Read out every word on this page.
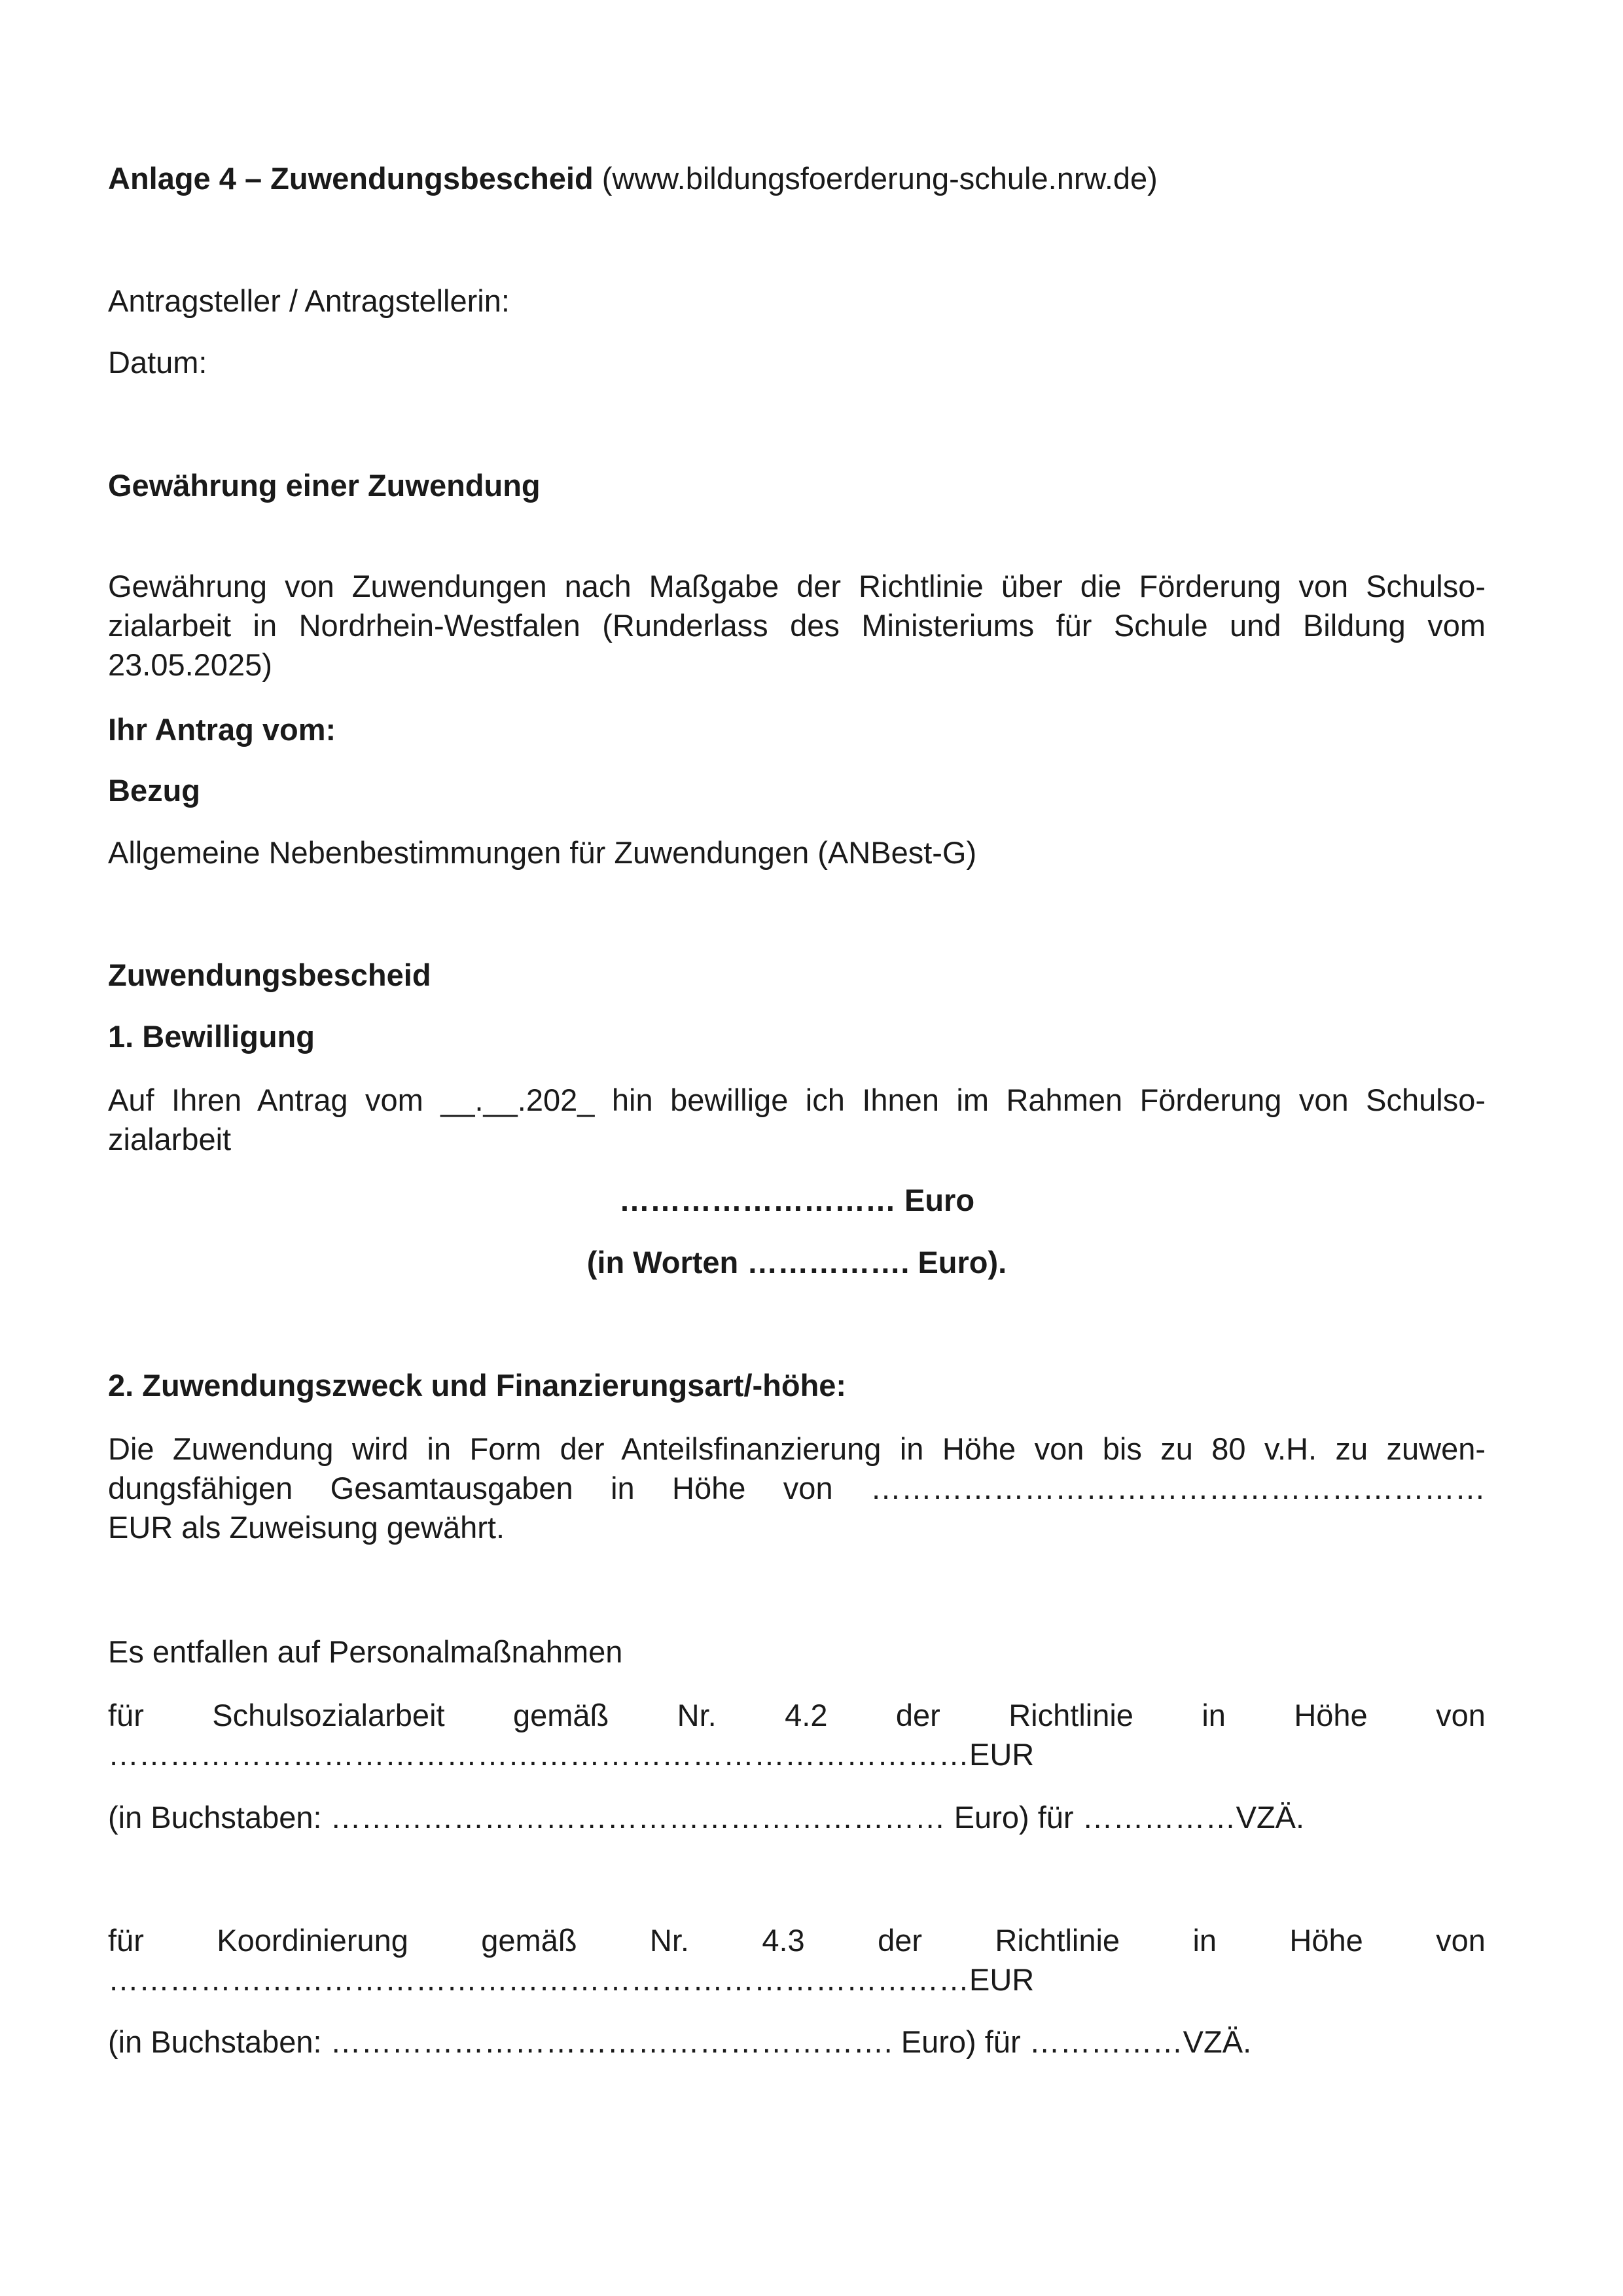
Anlage 4 – Zuwendungsbescheid (www.bildungsfoerderung-schule.nrw.de)

Antragsteller / Antragstellerin:

Datum:

Gewährung einer Zuwendung

Gewährung von Zuwendungen nach Maßgabe der Richtlinie über die Förderung von Schulso-
zialarbeit in Nordrhein-Westfalen (Runderlass des Ministeriums für Schule und Bildung vom
23.05.2025)

Ihr Antrag vom:

Bezug

Allgemeine Nebenbestimmungen für Zuwendungen (ANBest-G)

Zuwendungsbescheid

1. Bewilligung

Auf Ihren Antrag vom __.__.202_ hin bewillige ich Ihnen im Rahmen Förderung von Schulso-
zialarbeit

……………………… Euro

(in Worten ……………. Euro).

2. Zuwendungszweck und Finanzierungsart/-höhe:

Die Zuwendung wird in Form der Anteilsfinanzierung in Höhe von bis zu 80 v.H. zu zuwen-
dungsfähigen Gesamtausgaben in Höhe von ……………………………………………………
EUR als Zuweisung gewährt.

Es entfallen auf Personalmaßnahmen

für Schulsozialarbeit gemäß Nr. 4.2 der Richtlinie in Höhe von
…………………………………………………………………………EUR

(in Buchstaben: …………………………………………………… Euro) für ……………VZÄ.

für Koordinierung gemäß Nr. 4.3 der Richtlinie in Höhe von
…………………………………………………………………………EUR

(in Buchstaben: ………………………………………………. Euro) für ……………VZÄ.
